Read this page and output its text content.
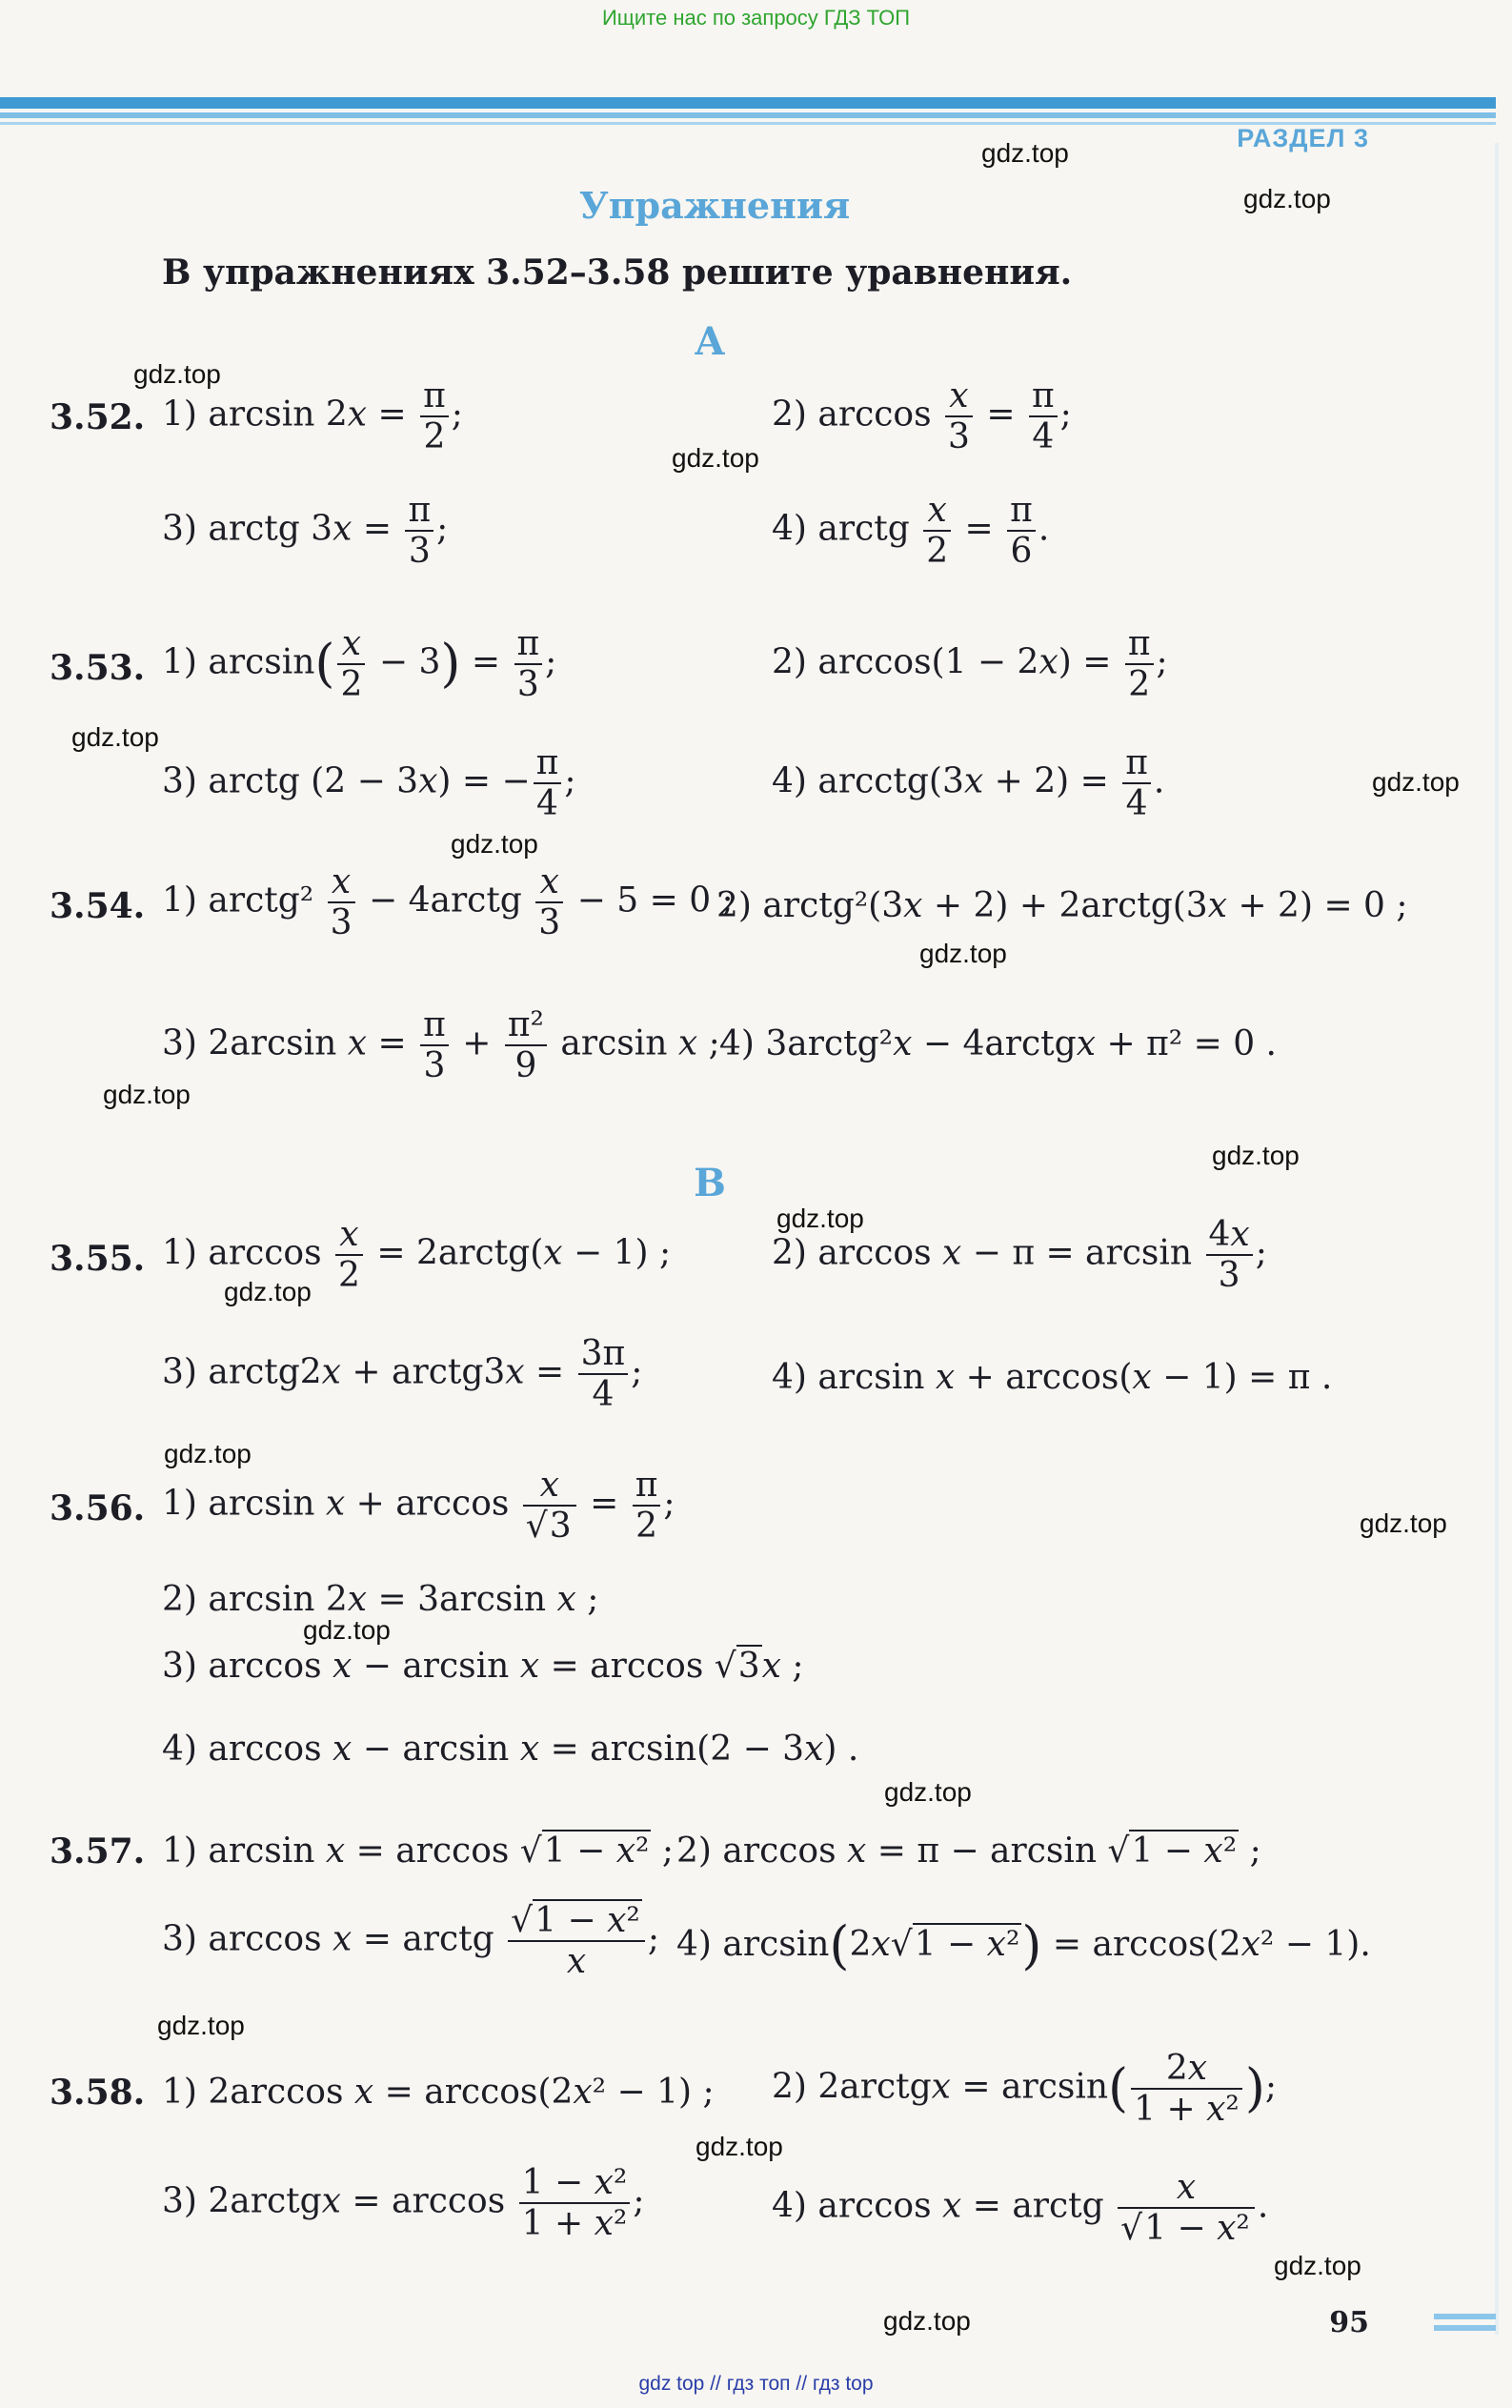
Ищите нас по запросу ГДЗ ТОП
РАЗДЕЛ 3
Упражнения
В упражнениях 3.52–3.58 решите уравнения.
А
В
3.52. 1) $\arcsin 2x = \frac{\pi}{2}$ ;	2) $\arccos \frac{x}{3} = \frac{\pi}{4}$ ;
3) arctg $3x = \frac{\pi}{3}$ ;	4) arctg $\frac{x}{2} = \frac{\pi}{6}$ .
3.53. 1) $\arcsin( \frac{x}{2} - 3) = \frac{\pi}{3}$ ;	2) $\arccos(1 - 2x) = \frac{\pi}{2}$ ;
3) arctg (2 − 3x) = − $\frac{\pi}{4}$ ;	4) arcctg(3x + $2) = \frac{\pi}{4}$ .
3.54. 1) arctg² $\frac{x}{3}$ − 4arctg $\frac{x}{3} - 5 = 0$ ;
2) arctg²(3x + 2) + 2arctg(3x + 2) = 0 ;
3) 2arcsin $x = \frac{\pi}{3} + \frac{\text{π²}}{9}$ arcsin x ; 4) 3arctg²x − 4arctgx + π² = 0 .
3.55. 1) $\arccos \frac{x}{2}$ = 2arctg(x − 1) ;	2) $\arccos x - \pi = \arcsin \frac{4x}{3}$ ;
3) arctg2x + arctg3x = $\frac{3\pi}{4}$ ;	4) arcsin x + arccos(x − 1) = π .
3.56. 1) $\arcsin x + \arccos \frac{x}{√3} = \frac{\pi}{2}$ ;
2) arcsin 2x = 3arcsin x ;
3) arccos x − arcsin x = arccos √3x ;
4) arccos x − arcsin x = arcsin(2 − 3x) .
3.57. 1) arcsin x = arccos √1 − x² ; 2) arccos x = π − arcsin √1 − x² ;
3) arccos x = arctg $\frac{\text{√1 − x²}}{x}$ ; 4) arcsin(2x√1 − x²) = arccos(2x² − 1).
3.58. 1) 2arccos x = arccos(2x² − 1) ; 2) 2arctgx = $\arcsin( \frac{2x}{\text{1 + x²}}$ );
3) 2arctgx = $\arccos \frac{\text{1 − x²}}{\text{1 + x²}}$ ;	4) arccos x = arctg $\frac{x}{\text{√1 − x²}}$ .
gdz.top
gdz.top
gdz.top
gdz.top
gdz.top
gdz.top
gdz.top
gdz.top
gdz.top
gdz.top
gdz.top
gdz.top
gdz.top
gdz.top
gdz.top
gdz.top
gdz.top
gdz.top
gdz.top
gdz.top	95
gdz top // гдз топ // гдз top
